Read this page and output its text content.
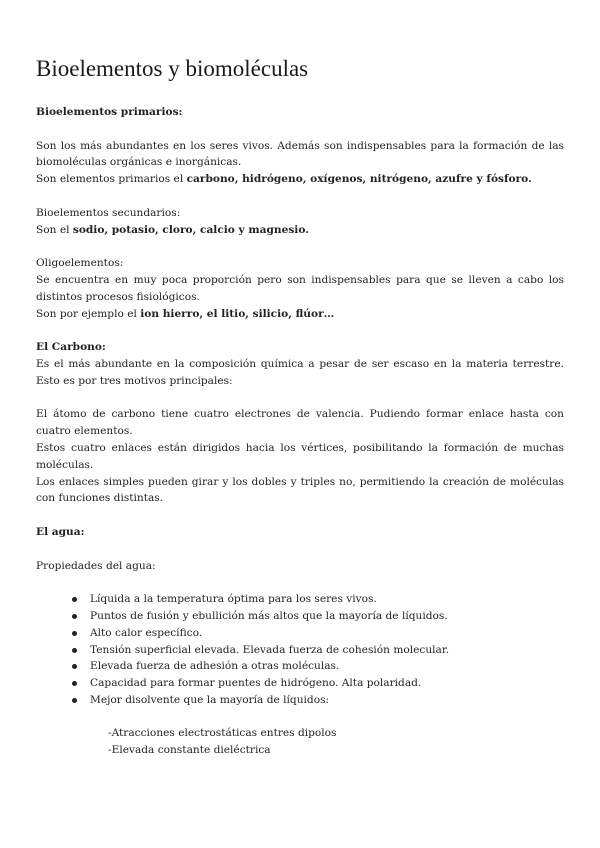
Bioelementos y biomoléculas

Bioelementos primarios:

Son los más abundantes en los seres vivos. Además son indispensables para la formación de las biomoléculas orgánicas e inorgánicas.

Son elementos primarios el carbono, hidrógeno, oxígenos, nitrógeno, azufre y fósforo.

Bioelementos secundarios:

Son el sodio, potasio, cloro, calcio y magnesio.

Oligoelementos:

Se encuentra en muy poca proporción pero son indispensables para que se lleven a cabo los distintos procesos fisiológicos.

Son por ejemplo el ion hierro, el litio, silicio, flúor…

El Carbono:

Es el más abundante en la composición química a pesar de ser escaso en la materia terrestre. Esto es por tres motivos principales:

El átomo de carbono tiene cuatro electrones de valencia. Pudiendo formar enlace hasta con cuatro elementos.

Estos cuatro enlaces están dirigidos hacia los vértices, posibilitando la formación de muchas moléculas.

Los enlaces simples pueden girar y los dobles y triples no, permitiendo la creación de moléculas con funciones distintas.

El agua:

Propiedades del agua:

Líquida a la temperatura óptima para los seres vivos.
Puntos de fusión y ebullición más altos que la mayoría de líquidos.
Alto calor específico.
Tensión superficial elevada. Elevada fuerza de cohesión molecular.
Elevada fuerza de adhesión a otras moléculas.
Capacidad para formar puentes de hidrógeno. Alta polaridad.
Mejor disolvente que la mayoría de líquidos:

-Atracciones electrostáticas entres dipolos

-Elevada constante dieléctrica
